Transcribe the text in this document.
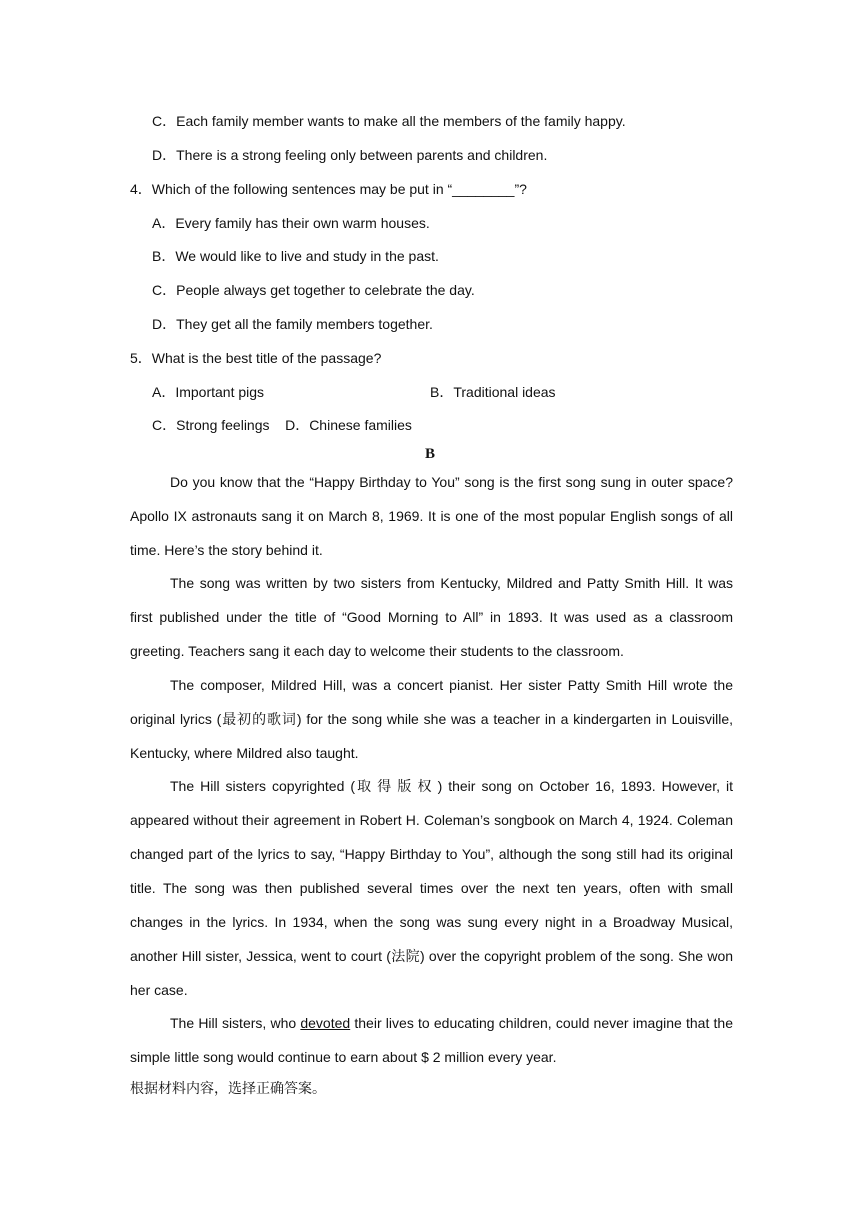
C．Each family member wants to make all the members of the family happy.
D．There is a strong feeling only between parents and children.
4．Which of the following sentences may be put in “________”?
A．Every family has their own warm houses.
B．We would like to live and study in the past.
C．People always get together to celebrate the day.
D．They get all the family members together.
5．What is the best title of the passage?
A．Important pigs	B．Traditional ideas
C．Strong feelings D．Chinese families
B
Do you know that the “Happy Birthday to You” song is the first song sung in outer space?
Apollo IX astronauts sang it on March 8, 1969. It is one of the most popular English songs of all
time. Here’s the story behind it.
The song was written by two sisters from Kentucky, Mildred and Patty Smith Hill. It was
first published under the title of “Good Morning to All” in 1893. It was used as a classroom
greeting. Teachers sang it each day to welcome their students to the classroom.
The composer, Mildred Hill, was a concert pianist. Her sister Patty Smith Hill wrote the
original lyrics (最初的歌词) for the song while she was a teacher in a kindergarten in Louisville,
Kentucky, where Mildred also taught.
The Hill sisters copyrighted (取得版权) their song on October 16, 1893. However, it
appeared without their agreement in Robert H. Coleman’s songbook on March 4, 1924. Coleman
changed part of the lyrics to say, “Happy Birthday to You”, although the song still had its original
title. The song was then published several times over the next ten years, often with small
changes in the lyrics. In 1934, when the song was sung every night in a Broadway Musical,
another Hill sister, Jessica, went to court (法院) over the copyright problem of the song. She won
her case.
The Hill sisters, who devoted their lives to educating children, could never imagine that the
simple little song would continue to earn about $ 2 million every year.
根据材料内容，选择正确答案。
